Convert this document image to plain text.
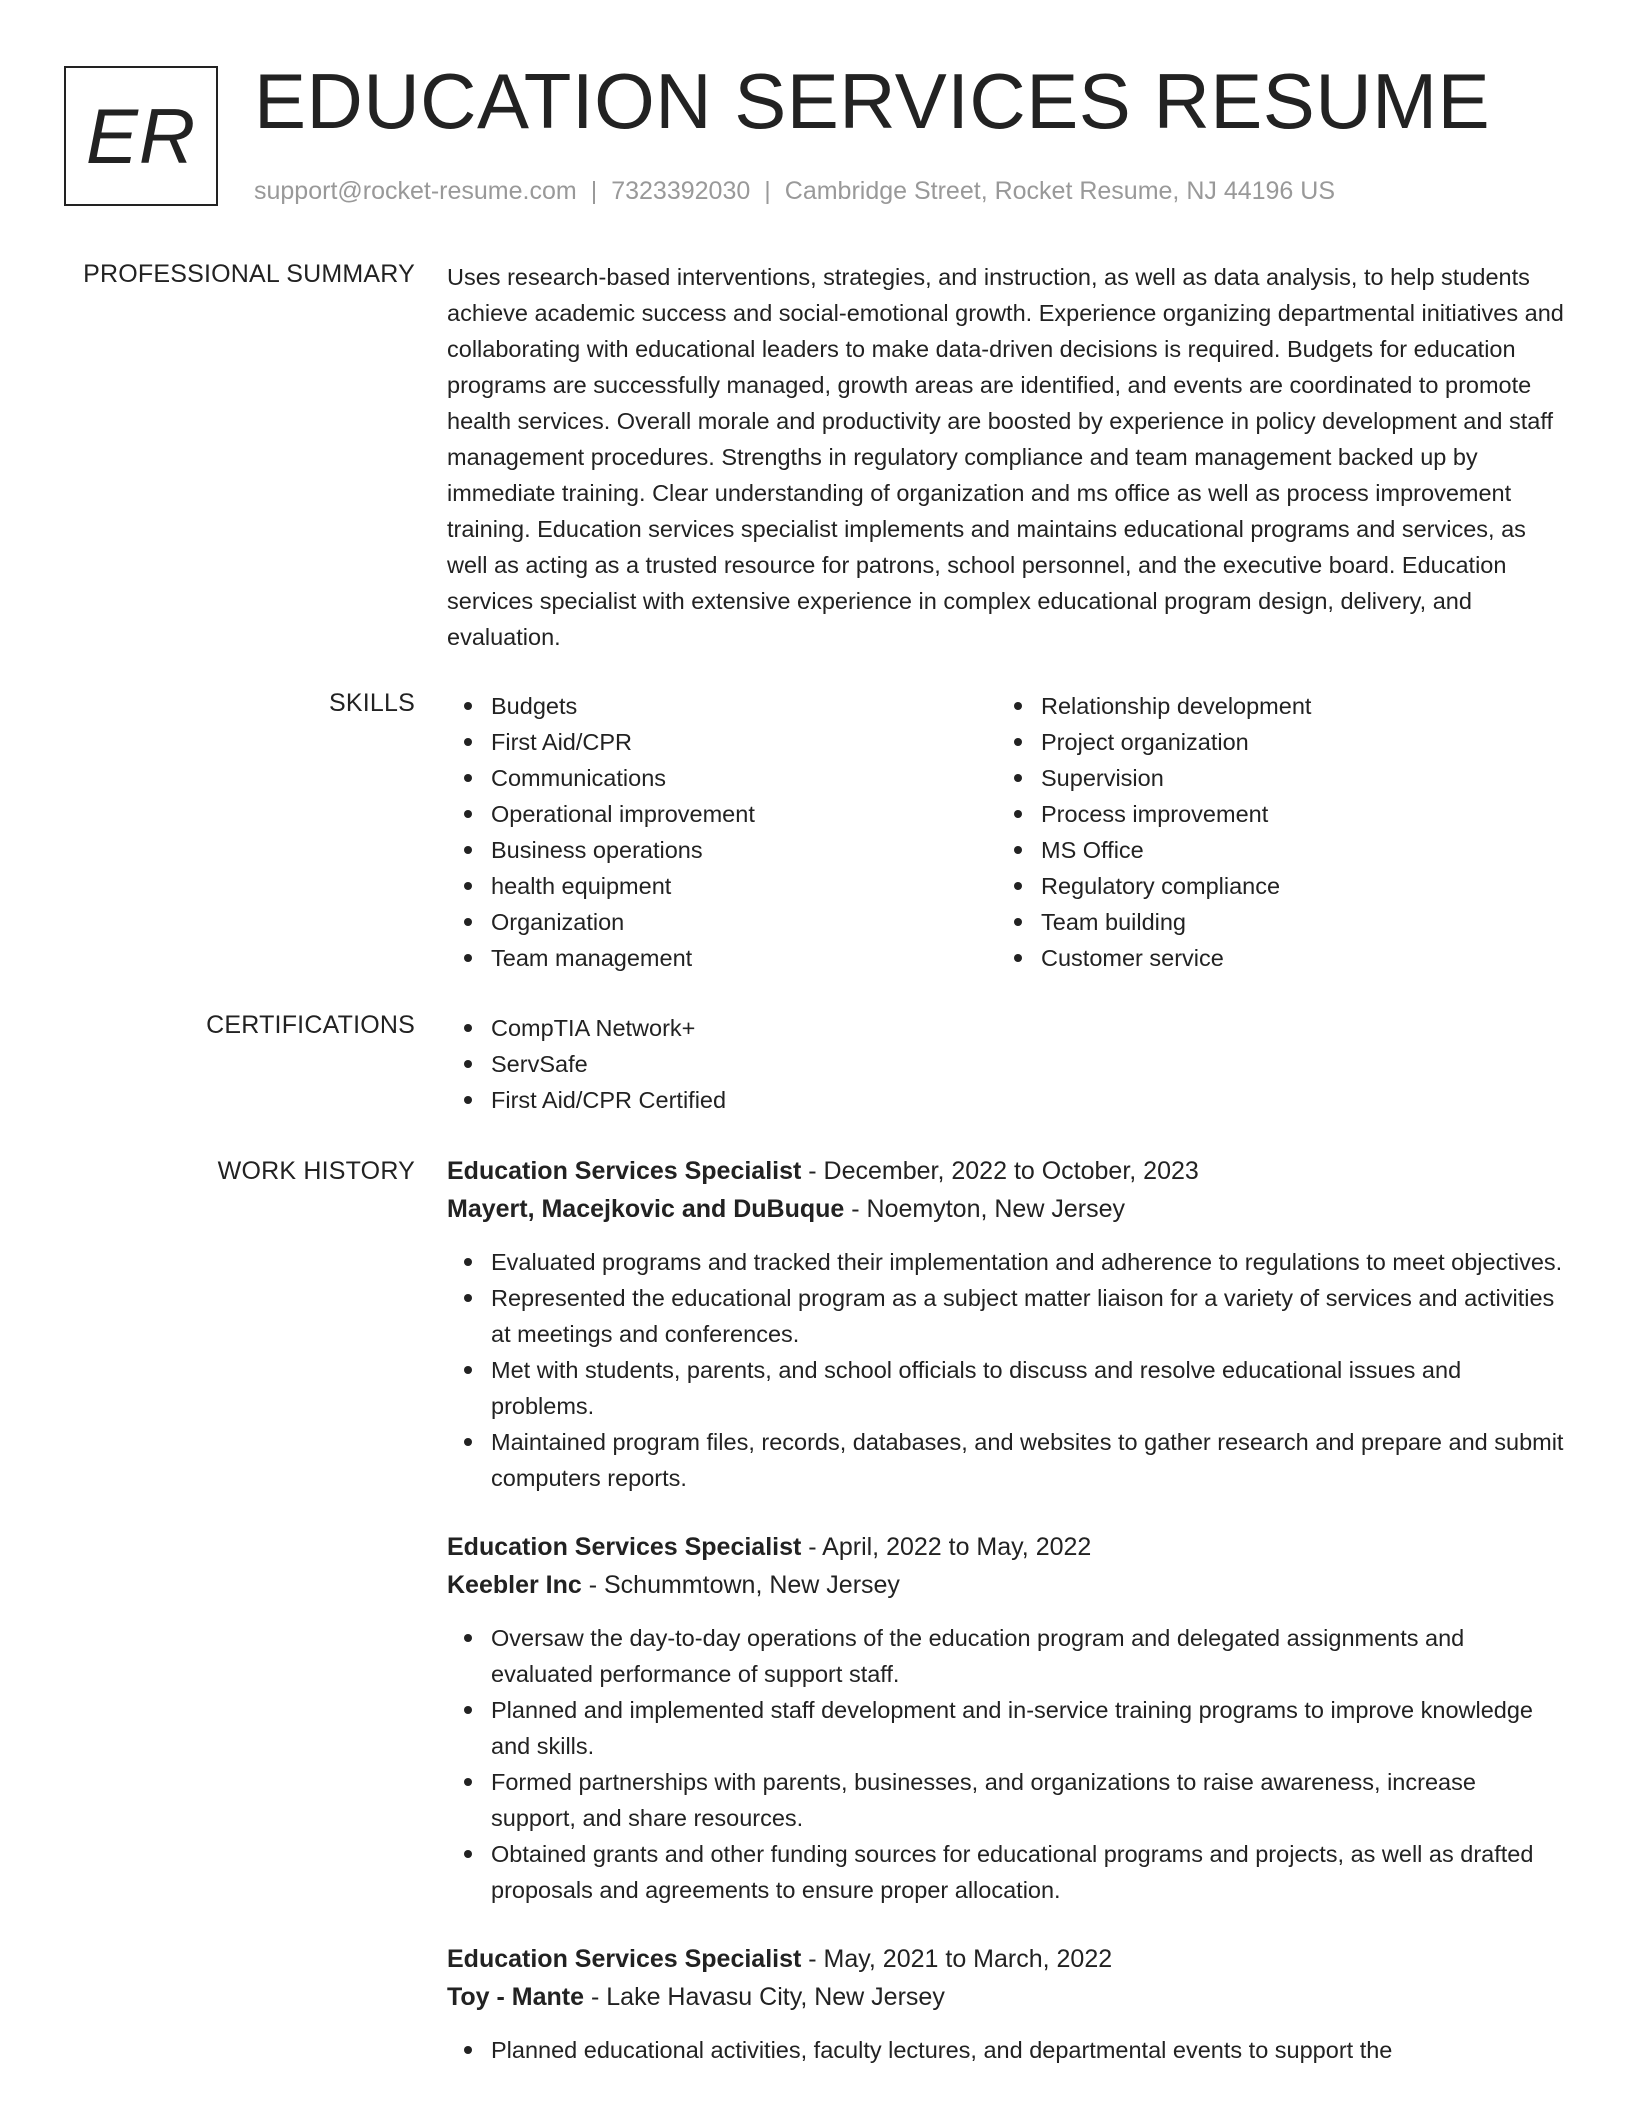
ER EDUCATION SERVICES RESUME
support@rocket-resume.com | 7323392030 | Cambridge Street, Rocket Resume, NJ 44196 US
PROFESSIONAL SUMMARY Uses research-based interventions, strategies, and instruction, as well as data analysis, to help students achieve academic success and social-emotional growth. Experience organizing departmental initiatives and collaborating with educational leaders to make data-driven decisions is required. Budgets for education programs are successfully managed, growth areas are identified, and events are coordinated to promote health services. Overall morale and productivity are boosted by experience in policy development and staff management procedures. Strengths in regulatory compliance and team management backed up by immediate training. Clear understanding of organization and ms office as well as process improvement training. Education services specialist implements and maintains educational programs and services, as well as acting as a trusted resource for patrons, school personnel, and the executive board. Education services specialist with extensive experience in complex educational program design, delivery, and evaluation.

SKILLS	Budgets
First Aid/CPR
Communications
Operational improvement
Business operations
health equipment
Organization
Team management
Relationship development
Project organization
Supervision
Process improvement
MS Office
Regulatory compliance
Team building
Customer service
CERTIFICATIONS	CompTIA Network+
ServSafe
First Aid/CPR Certified
WORK HISTORY Education Services Specialist - December, 2022 to October, 2023
Mayert, Macejkovic and DuBuque - Noemyton, New Jersey
Evaluated programs and tracked their implementation and adherence to regulations to meet objectives.
Represented the educational program as a subject matter liaison for a variety of services and activities at meetings and conferences.
Met with students, parents, and school officials to discuss and resolve educational issues and problems.
Maintained program files, records, databases, and websites to gather research and prepare and submit computers reports.
Education Services Specialist - April, 2022 to May, 2022
Keebler Inc - Schummtown, New Jersey
Oversaw the day-to-day operations of the education program and delegated assignments and evaluated performance of support staff.
Planned and implemented staff development and in-service training programs to improve knowledge and skills.
Formed partnerships with parents, businesses, and organizations to raise awareness, increase support, and share resources.
Obtained grants and other funding sources for educational programs and projects, as well as drafted proposals and agreements to ensure proper allocation.
Education Services Specialist - May, 2021 to March, 2022
Toy - Mante - Lake Havasu City, New Jersey
Planned educational activities, faculty lectures, and departmental events to support the
